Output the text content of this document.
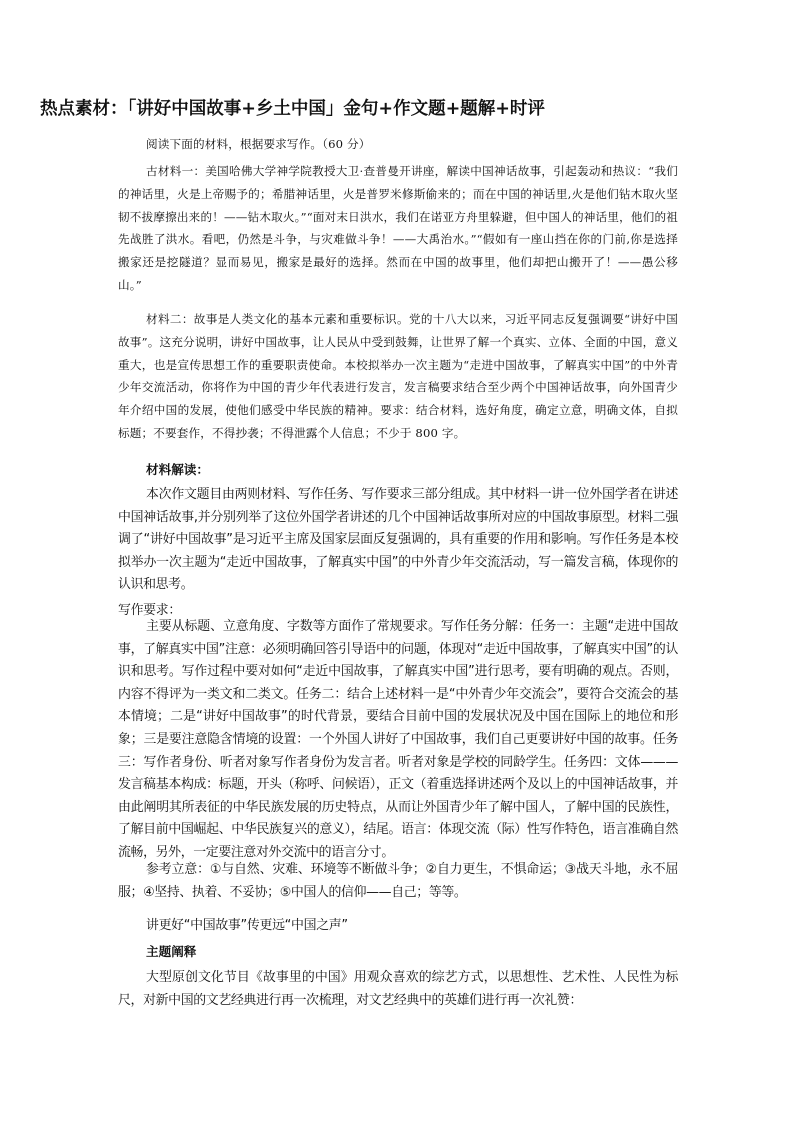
热点素材：「讲好中国故事+乡土中国」金句+作文题+题解+时评

阅读下面的材料，根据要求写作。（60 分）

古材料一：美国哈佛大学神学院教授大卫·查普曼开讲座，解读中国神话故事，引起轰动和热议：“我们的神话里，火是上帝赐予的；希腊神话里，火是普罗米修斯偷来的；而在中国的神话里,火是他们钻木取火坚韧不拔摩擦出来的！——钻木取火。”“面对末日洪水，我们在诺亚方舟里躲避，但中国人的神话里，他们的祖先战胜了洪水。看吧，仍然是斗争，与灾难做斗争！——大禹治水。”“假如有一座山挡在你的门前,你是选择搬家还是挖隧道？显而易见，搬家是最好的选择。然而在中国的故事里，他们却把山搬开了！——愚公移山。”

材料二：故事是人类文化的基本元素和重要标识。党的十八大以来，习近平同志反复强调要“讲好中国故事”。这充分说明，讲好中国故事，让人民从中受到鼓舞，让世界了解一个真实、立体、全面的中国，意义重大，也是宣传思想工作的重要职责使命。本校拟举办一次主题为“走进中国故事，了解真实中国”的中外青少年交流活动，你将作为中国的青少年代表进行发言，发言稿要求结合至少两个中国神话故事，向外国青少年介绍中国的发展，使他们感受中华民族的精神。要求：结合材料，选好角度，确定立意，明确文体，自拟标题；不要套作，不得抄袭；不得泄露个人信息；不少于 800 字。

材料解读：

本次作文题目由两则材料、写作任务、写作要求三部分组成。其中材料一讲一位外国学者在讲述中国神话故事,并分别列举了这位外国学者讲述的几个中国神话故事所对应的中国故事原型。材料二强调了“讲好中国故事”是习近平主席及国家层面反复强调的，具有重要的作用和影响。写作任务是本校拟举办一次主题为“走近中国故事，了解真实中国”的中外青少年交流活动，写一篇发言稿，体现你的认识和思考。

写作要求：

主要从标题、立意角度、字数等方面作了常规要求。写作任务分解：任务一：主题“走进中国故事，了解真实中国”注意：必须明确回答引导语中的问题，体现对“走近中国故事，了解真实中国”的认识和思考。写作过程中要对如何“走近中国故事，了解真实中国”进行思考，要有明确的观点。否则，内容不得评为一类文和二类文。任务二：结合上述材料一是“中外青少年交流会”，要符合交流会的基本情境；二是“讲好中国故事”的时代背景，要结合目前中国的发展状况及中国在国际上的地位和形象；三是要注意隐含情境的设置：一个外国人讲好了中国故事，我们自己更要讲好中国的故事。任务三：写作者身份、听者对象写作者身份为发言者。听者对象是学校的同龄学生。任务四：文体———发言稿基本构成：标题，开头（称呼、问候语），正文（着重选择讲述两个及以上的中国神话故事，并由此阐明其所表征的中华民族发展的历史特点，从而让外国青少年了解中国人，了解中国的民族性，了解目前中国崛起、中华民族复兴的意义），结尾。语言：体现交流（际）性写作特色，语言准确自然流畅，另外，一定要注意对外交流中的语言分寸。

参考立意：①与自然、灾难、环境等不断做斗争；②自力更生，不惧命运；③战天斗地，永不屈服；④坚持、执着、不妥协；⑤中国人的信仰——自己；等等。

讲更好“中国故事”传更远“中国之声”
主题阐释

大型原创文化节目《故事里的中国》用观众喜欢的综艺方式，以思想性、艺术性、人民性为标尺，对新中国的文艺经典进行再一次梳理，对文艺经典中的英雄们进行再一次礼赞：
